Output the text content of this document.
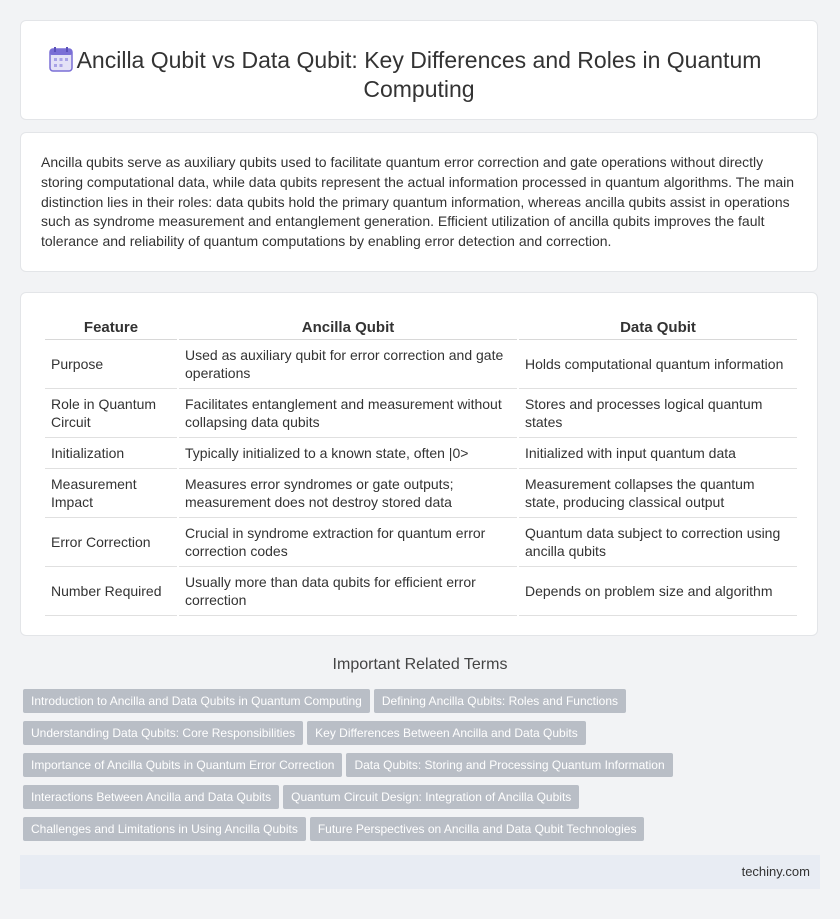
Ancilla Qubit vs Data Qubit: Key Differences and Roles in Quantum Computing

Ancilla qubits serve as auxiliary qubits used to facilitate quantum error correction and gate operations without directly storing computational data, while data qubits represent the actual information processed in quantum algorithms. The main distinction lies in their roles: data qubits hold the primary quantum information, whereas ancilla qubits assist in operations such as syndrome measurement and entanglement generation. Efficient utilization of ancilla qubits improves the fault tolerance and reliability of quantum computations by enabling error detection and correction.

Feature	Ancilla Qubit	Data Qubit
Purpose	Used as auxiliary qubit for error correction and gate operations	Holds computational quantum information
Role in Quantum Circuit	Facilitates entanglement and measurement without collapsing data qubits	Stores and processes logical quantum states
Initialization	Typically initialized to a known state, often |0>	Initialized with input quantum data
Measurement Impact	Measures error syndromes or gate outputs; measurement does not destroy stored data	Measurement collapses the quantum state, producing classical output
Error Correction	Crucial in syndrome extraction for quantum error correction codes	Quantum data subject to correction using ancilla qubits
Number Required	Usually more than data qubits for efficient error correction	Depends on problem size and algorithm
Important Related Terms
Introduction to Ancilla and Data Qubits in Quantum Computing Defining Ancilla Qubits: Roles and Functions
Understanding Data Qubits: Core Responsibilities Key Differences Between Ancilla and Data Qubits
Importance of Ancilla Qubits in Quantum Error Correction Data Qubits: Storing and Processing Quantum Information
Interactions Between Ancilla and Data Qubits Quantum Circuit Design: Integration of Ancilla Qubits
Challenges and Limitations in Using Ancilla Qubits Future Perspectives on Ancilla and Data Qubit Technologies
techiny.com
